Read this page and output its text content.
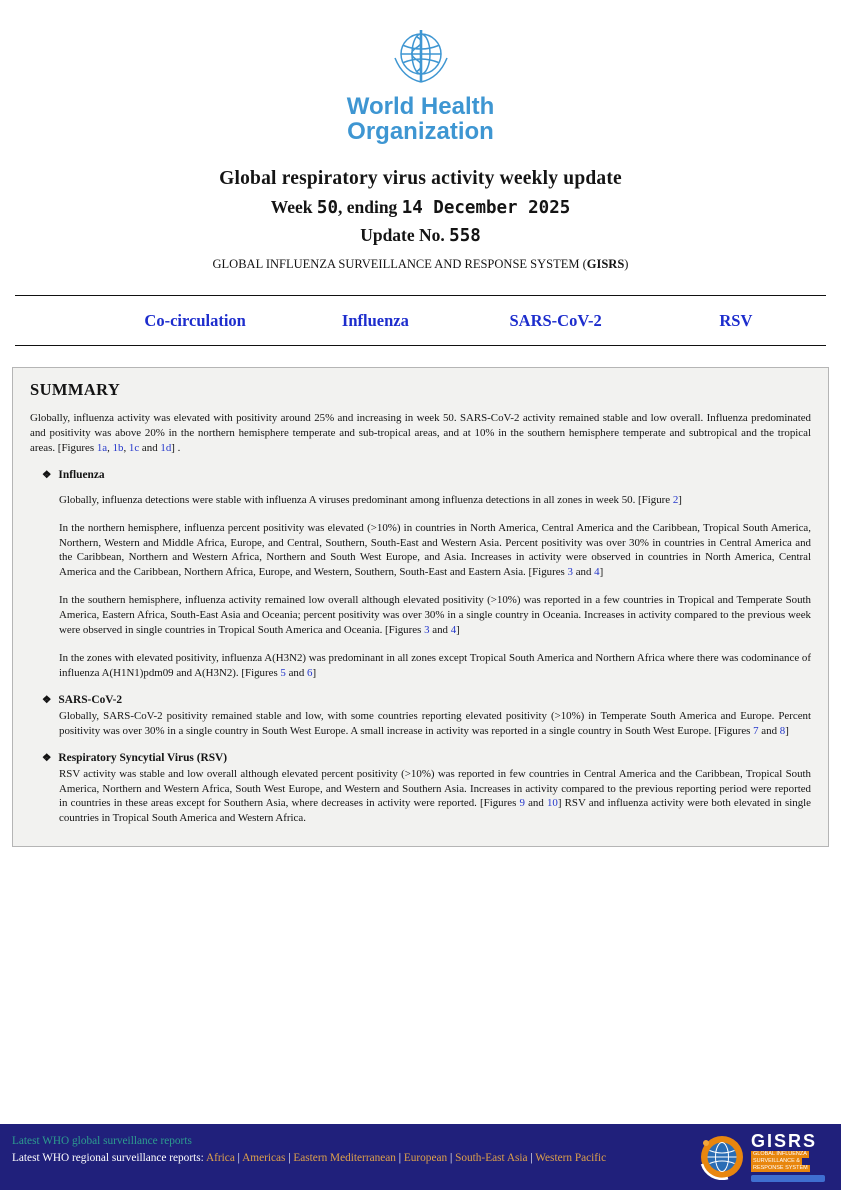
World Health
Organization
Global respiratory virus activity weekly update
Week 50, ending 14 December 2025
Update No. 558
GLOBAL INFLUENZA SURVEILLANCE AND RESPONSE SYSTEM (GISRS)
Co-circulation	Influenza	SARS-CoV-2	RSV
SUMMARY

Globally, influenza activity was elevated with positivity around 25% and increasing in week 50. SARS-CoV-2 activity remained stable and low overall. Influenza predominated and positivity was above 20% in the northern hemisphere temperate and sub-tropical areas, and at 10% in the southern hemisphere temperate and subtropical and the tropical areas. [Figures 1a, 1b, 1c and 1d] .

❖ Influenza

Globally, influenza detections were stable with influenza A viruses predominant among influenza detections in all zones in week 50. [Figure 2]

In the northern hemisphere, influenza percent positivity was elevated (>10%) in countries in North America, Central America and the Caribbean, Tropical South America, Northern, Western and Middle Africa, Europe, and Central, Southern, South-East and Western Asia. Percent positivity was over 30% in countries in Central America and the Caribbean, Northern and Western Africa, Northern and South West Europe, and Asia. Increases in activity were observed in countries in North America, Central America and the Caribbean, Northern Africa, Europe, and Western, Southern, South-East and Eastern Asia. [Figures 3 and 4]

In the southern hemisphere, influenza activity remained low overall although elevated positivity (>10%) was reported in a few countries in Tropical and Temperate South America, Eastern Africa, South-East Asia and Oceania; percent positivity was over 30% in a single country in Oceania. Increases in activity compared to the previous week were observed in single countries in Tropical South America and Oceania. [Figures 3 and 4]

In the zones with elevated positivity, influenza A(H3N2) was predominant in all zones except Tropical South America and Northern Africa where there was codominance of influenza A(H1N1)pdm09 and A(H3N2). [Figures 5 and 6]

❖ SARS-CoV-2

Globally, SARS-CoV-2 positivity remained stable and low, with some countries reporting elevated positivity (>10%) in Temperate South America and Europe. Percent positivity was over 30% in a single country in South West Europe. A small increase in activity was reported in a single country in South West Europe. [Figures 7 and 8]

❖ Respiratory Syncytial Virus (RSV)

RSV activity was stable and low overall although elevated percent positivity (>10%) was reported in few countries in Central America and the Caribbean, Tropical South America, Northern and Western Africa, South West Europe, and Western and Southern Asia. Increases in activity compared to the previous reporting period were reported in countries in these areas except for Southern Asia, where decreases in activity were reported. [Figures 9 and 10] RSV and influenza activity were both elevated in single countries in Tropical South America and Western Africa.

Latest WHO global surveillance reports
Latest WHO regional surveillance reports: Africa | Americas | Eastern Mediterranean | European | South-East Asia | Western Pacific
GISRS
GLOBAL INFLUENZA
SURVEILLANCE &
RESPONSE SYSTEM
